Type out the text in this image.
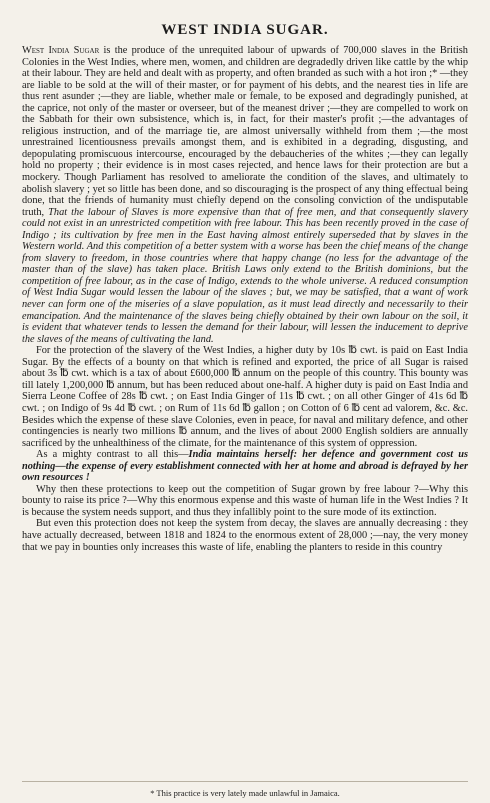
WEST INDIA SUGAR.

West India Sugar is the produce of the unrequited labour of upwards of 700,000 slaves in the British Colonies in the West Indies, where men, women, and children are degradedly driven like cattle by the whip at their labour. They are held and dealt with as property, and often branded as such with a hot iron ;* —they are liable to be sold at the will of their master, or for payment of his debts, and the nearest ties in life are thus rent asunder ;—they are liable, whether male or female, to be exposed and degradingly punished, at the caprice, not only of the master or overseer, but of the meanest driver ;—they are compelled to work on the Sabbath for their own subsistence, which is, in fact, for their master's profit ;—the advantages of religious instruction, and of the marriage tie, are almost universally withheld from them ;—the most unrestrained licentiousness prevails amongst them, and is exhibited in a degrading, disgusting, and depopulating promiscuous intercourse, encouraged by the debaucheries of the whites ;—they can legally hold no property ; their evidence is in most cases rejected, and hence laws for their protection are but a mockery. Though Parliament has resolved to ameliorate the condition of the slaves, and ultimately to abolish slavery ; yet so little has been done, and so discouraging is the prospect of any thing effectual being done, that the friends of humanity must chiefly depend on the consoling conviction of the undisputable truth, That the labour of Slaves is more expensive than that of free men, and that consequently slavery could not exist in an unrestricted competition with free labour. This has been recently proved in the case of Indigo ; its cultivation by free men in the East having almost entirely superseded that by slaves in the Western world. And this competition of a better system with a worse has been the chief means of the change from slavery to freedom, in those countries where that happy change (no less for the advantage of the master than of the slave) has taken place. British Laws only extend to the British dominions, but the competition of free labour, as in the case of Indigo, extends to the whole universe. A reduced consumption of West India Sugar would lessen the labour of the slaves ; but, we may be satisfied, that a want of work never can form one of the miseries of a slave population, as it must lead directly and necessarily to their emancipation. And the maintenance of the slaves being chiefly obtained by their own labour on the soil, it is evident that whatever tends to lessen the demand for their labour, will lessen the inducement to deprive the slaves of the means of cultivating the land.

For the protection of the slavery of the West Indies, a higher duty by 10s ℔ cwt. is paid on East India Sugar. By the effects of a bounty on that which is refined and exported, the price of all Sugar is raised about 3s ℔ cwt. which is a tax of about £600,000 ℔ annum on the people of this country. This bounty was till lately 1,200,000 ℔ annum, but has been reduced about one-half. A higher duty is paid on East India and Sierra Leone Coffee of 28s ℔ cwt. ; on East India Ginger of 11s ℔ cwt. ; on all other Ginger of 41s 6d ℔ cwt. ; on Indigo of 9s 4d ℔ cwt. ; on Rum of 11s 6d ℔ gallon ; on Cotton of 6 ℔ cent ad valorem, &c. &c. Besides which the expense of these slave Colonies, even in peace, for naval and military defence, and other contingencies is nearly two millions ℔ annum, and the lives of about 2000 English soldiers are annually sacrificed by the unhealthiness of the climate, for the maintenance of this system of oppression.

As a mighty contrast to all this—India maintains herself: her defence and government cost us nothing—the expense of every establishment connected with her at home and abroad is defrayed by her own resources !

Why then these protections to keep out the competition of Sugar grown by free labour ?—Why this bounty to raise its price ?—Why this enormous expense and this waste of human life in the West Indies ? It is because the system needs support, and thus they infallibly point to the sure mode of its extinction.

But even this protection does not keep the system from decay, the slaves are annually decreasing : they have actually decreased, between 1818 and 1824 to the enormous extent of 28,000 ;—nay, the very money that we pay in bounties only increases this waste of life, enabling the planters to reside in this country

* This practice is very lately made unlawful in Jamaica.
